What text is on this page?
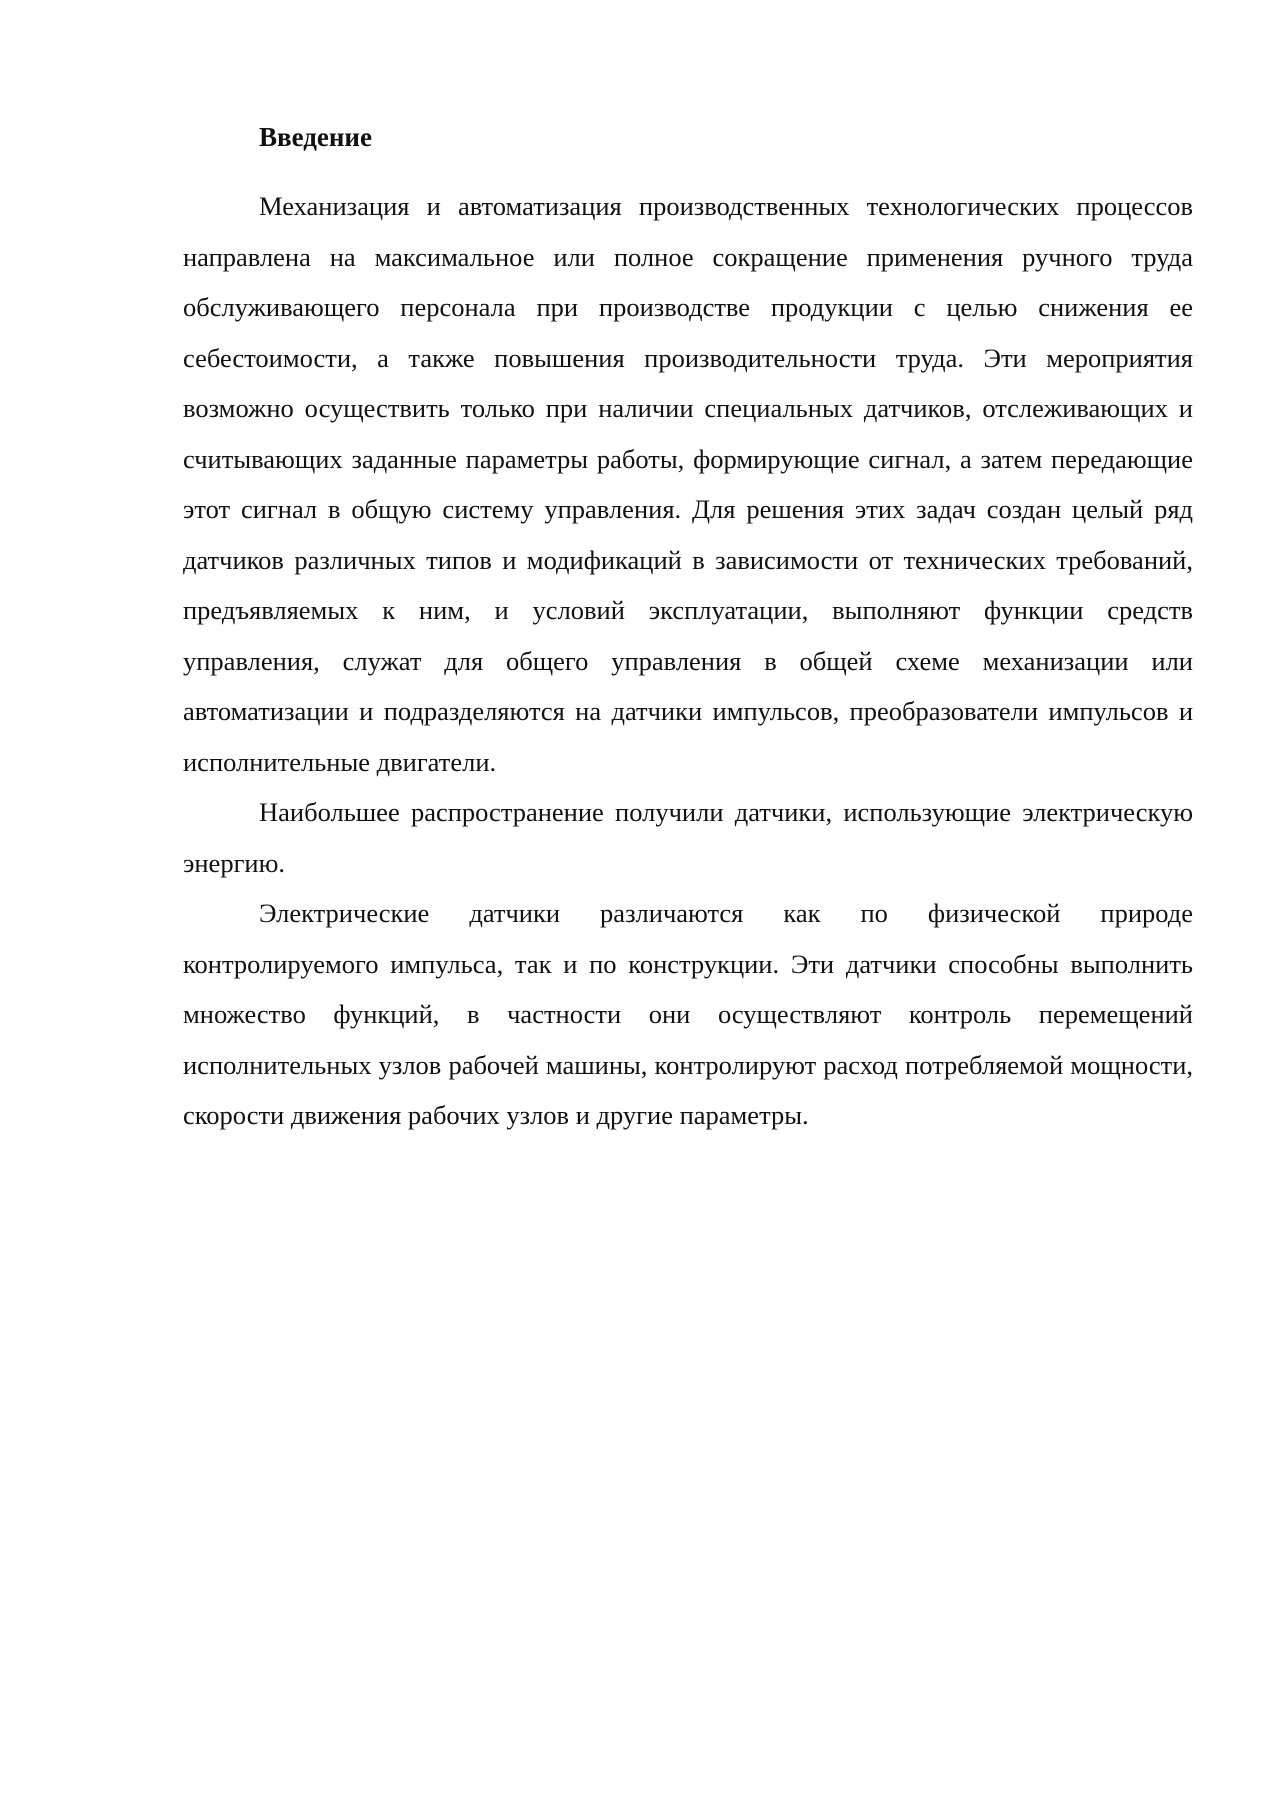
Введение

Механизация и автоматизация производственных технологических процессов направлена на максимальное или полное сокращение применения ручного труда обслуживающего персонала при производстве продукции с целью снижения ее себестоимости, а также повышения производительности труда. Эти мероприятия возможно осуществить только при наличии специальных датчиков, отслеживающих и считывающих заданные параметры работы, формирующие сигнал, а затем передающие этот сигнал в общую систему управления. Для решения этих задач создан целый ряд датчиков различных типов и модификаций в зависимости от технических требований, предъявляемых к ним, и условий эксплуатации, выполняют функции средств управления, служат для общего управления в общей схеме механизации или автоматизации и подразделяются на датчики импульсов, преобразователи импульсов и исполнительные двигатели.

Наибольшее распространение получили датчики, использующие электрическую энергию.

Электрические датчики различаются как по физической природе контролируемого импульса, так и по конструкции. Эти датчики способны выполнить множество функций, в частности они осуществляют контроль перемещений исполнительных узлов рабочей машины, контролируют расход потребляемой мощности, скорости движения рабочих узлов и другие параметры.
